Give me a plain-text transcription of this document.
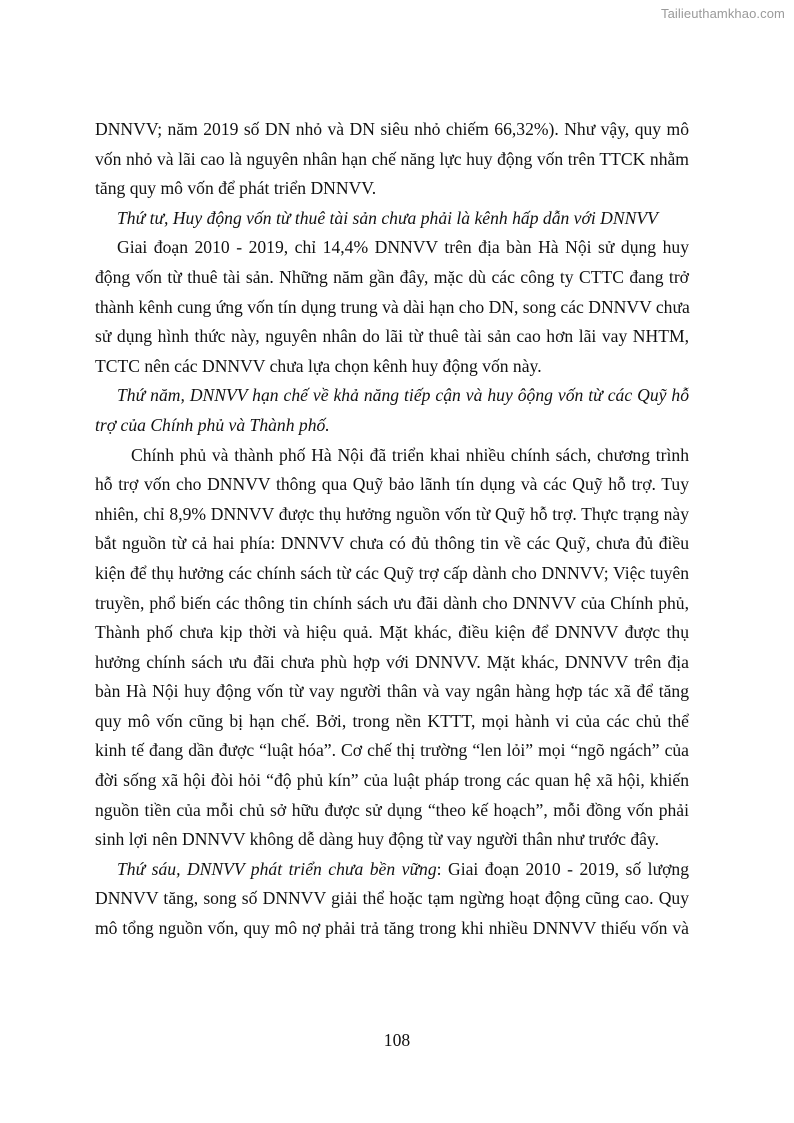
Tailieuthamkhao.com
DNNVV; năm 2019 số DN nhỏ và DN siêu nhỏ chiếm 66,32%). Như vậy, quy mô
vốn nhỏ và lãi cao là nguyên nhân hạn chế năng lực huy động vốn trên TTCK nhằm
tăng quy mô vốn để phát triển DNNVV.
Thứ tư, Huy động vốn từ thuê tài sản chưa phải là kênh hấp dẫn với DNNVV
Giai đoạn 2010 - 2019, chỉ 14,4% DNNVV trên địa bàn Hà Nội sử dụng huy
động vốn từ thuê tài sản. Những năm gần đây, mặc dù các công ty CTTC đang trở
thành kênh cung ứng vốn tín dụng trung và dài hạn cho DN, song các DNNVV chưa
sử dụng hình thức này, nguyên nhân do lãi từ thuê tài sản cao hơn lãi vay NHTM,
TCTC nên các DNNVV chưa lựa chọn kênh huy động vốn này.
Thứ năm, DNNVV hạn chế về khả năng tiếp cận và huy ôộng vốn từ các Quỹ hỗ
trợ của Chính phủ và Thành phố.
Chính phủ và thành phố Hà Nội đã triển khai nhiều chính sách, chương trình
hỗ trợ vốn cho DNNVV thông qua Quỹ bảo lãnh tín dụng và các Quỹ hỗ trợ. Tuy
nhiên, chỉ 8,9% DNNVV được thụ hưởng nguồn vốn từ Quỹ hỗ trợ. Thực trạng này
bắt nguồn từ cả hai phía: DNNVV chưa có đủ thông tin về các Quỹ, chưa đủ điều
kiện để thụ hưởng các chính sách từ các Quỹ trợ cấp dành cho DNNVV; Việc tuyên
truyền, phổ biến các thông tin chính sách ưu đãi dành cho DNNVV của Chính phủ,
Thành phố chưa kịp thời và hiệu quả. Mặt khác, điều kiện để DNNVV được thụ
hưởng chính sách ưu đãi chưa phù hợp với DNNVV. Mặt khác, DNNVV trên địa
bàn Hà Nội huy động vốn từ vay người thân và vay ngân hàng hợp tác xã để tăng
quy mô vốn cũng bị hạn chế. Bởi, trong nền KTTT, mọi hành vi của các chủ thể
kinh tế đang dần được “luật hóa”. Cơ chế thị trường “len lỏi” mọi “ngõ ngách” của
đời sống xã hội đòi hỏi “độ phủ kín” của luật pháp trong các quan hệ xã hội, khiến
nguồn tiền của mỗi chủ sở hữu được sử dụng “theo kế hoạch”, mỗi đồng vốn phải
sinh lợi nên DNNVV không dễ dàng huy động từ vay người thân như trước đây.
Thứ sáu, DNNVV phát triển chưa bền vững: Giai đoạn 2010 - 2019, số lượng
DNNVV tăng, song số DNNVV giải thể hoặc tạm ngừng hoạt động cũng cao. Quy
mô tổng nguồn vốn, quy mô nợ phải trả tăng trong khi nhiều DNNVV thiếu vốn và
108
